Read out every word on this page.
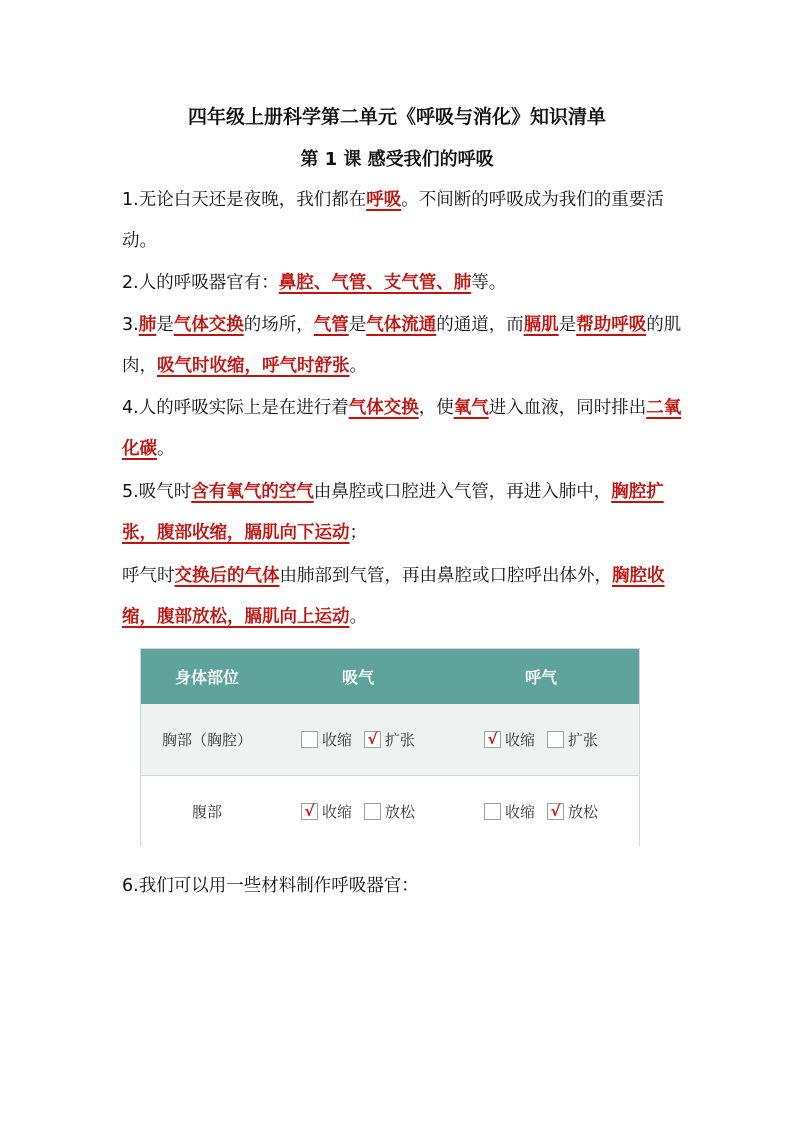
四年级上册科学第二单元《呼吸与消化》知识清单
第 1 课 感受我们的呼吸
1.无论白天还是夜晚，我们都在呼吸。不间断的呼吸成为我们的重要活动。
2.人的呼吸器官有：鼻腔、气管、支气管、肺等。
3.肺是气体交换的场所，气管是气体流通的通道，而膈肌是帮助呼吸的肌肉，吸气时收缩，呼气时舒张。
4.人的呼吸实际上是在进行着气体交换，使氧气进入血液，同时排出二氧化碳。
5.吸气时含有氧气的空气由鼻腔或口腔进入气管，再进入肺中，胸腔扩张，腹部收缩，膈肌向下运动；
呼气时交换后的气体由肺部到气管，再由鼻腔或口腔呼出体外，胸腔收缩，腹部放松，膈肌向上运动。
身体部位	吸气	呼气
胸部（胸腔）	收缩 √ 扩张	√ 收缩 扩张
腹部	√ 收缩 放松	收缩 √ 放松
6.我们可以用一些材料制作呼吸器官：
